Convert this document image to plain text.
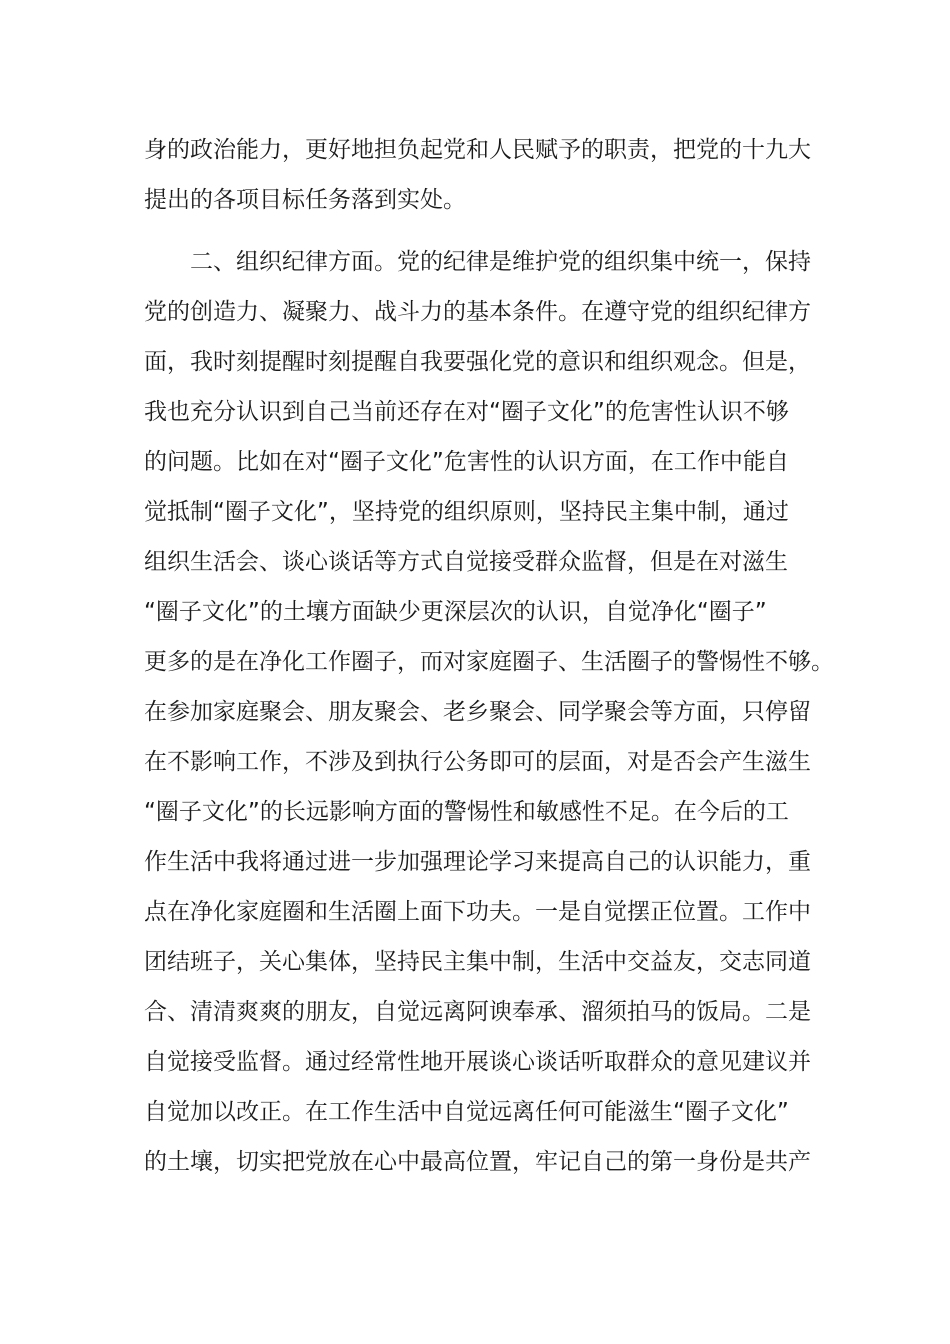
身的政治能力，更好地担负起党和人民赋予的职责，把党的十九大
提出的各项目标任务落到实处。
　　二、组织纪律方面。党的纪律是维护党的组织集中统一，保持
党的创造力、凝聚力、战斗力的基本条件。在遵守党的组织纪律方
面，我时刻提醒时刻提醒自我要强化党的意识和组织观念。但是，
我也充分认识到自己当前还存在对“圈子文化”的危害性认识不够
的问题。比如在对“圈子文化”危害性的认识方面，在工作中能自
觉抵制“圈子文化”，坚持党的组织原则，坚持民主集中制，通过
组织生活会、谈心谈话等方式自觉接受群众监督，但是在对滋生
“圈子文化”的土壤方面缺少更深层次的认识，自觉净化“圈子”
更多的是在净化工作圈子，而对家庭圈子、生活圈子的警惕性不够。
在参加家庭聚会、朋友聚会、老乡聚会、同学聚会等方面，只停留
在不影响工作，不涉及到执行公务即可的层面，对是否会产生滋生
“圈子文化”的长远影响方面的警惕性和敏感性不足。在今后的工
作生活中我将通过进一步加强理论学习来提高自己的认识能力，重
点在净化家庭圈和生活圈上面下功夫。一是自觉摆正位置。工作中
团结班子，关心集体，坚持民主集中制，生活中交益友，交志同道
合、清清爽爽的朋友，自觉远离阿谀奉承、溜须拍马的饭局。二是
自觉接受监督。通过经常性地开展谈心谈话听取群众的意见建议并
自觉加以改正。在工作生活中自觉远离任何可能滋生“圈子文化”
的土壤，切实把党放在心中最高位置，牢记自己的第一身份是共产
